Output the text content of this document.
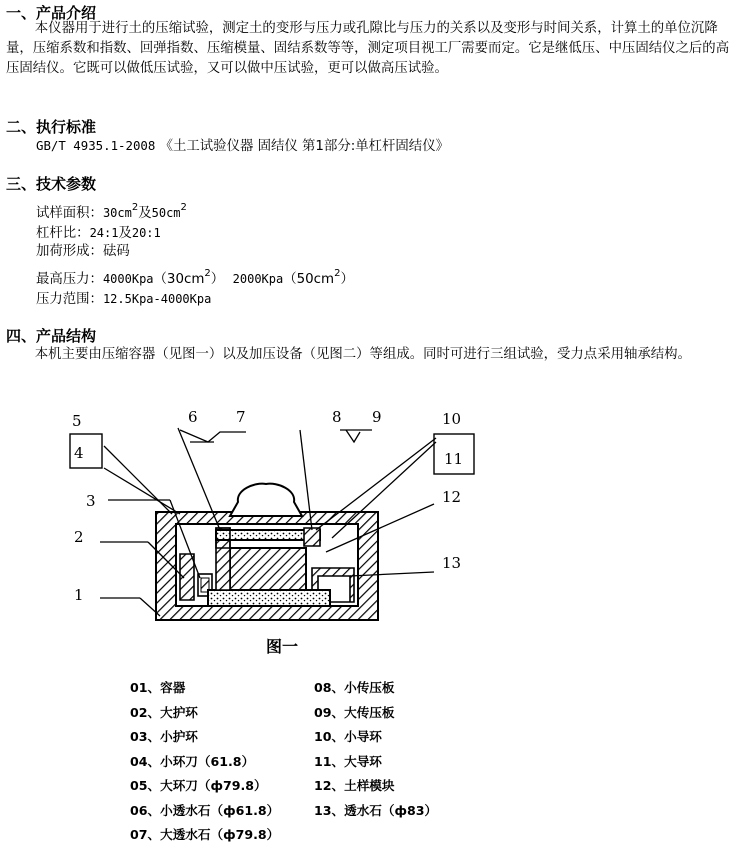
一、产品介绍
本仪器用于进行土的压缩试验，测定土的变形与压力或孔隙比与压力的关系以及变形与时间关系，计算土的单位沉降量，压缩系数和指数、回弹指数、压缩模量、固结系数等等，测定项目视工厂需要而定。它是继低压、中压固结仪之后的高压固结仪。它既可以做低压试验，又可以做中压试验，更可以做高压试验。
二、执行标准
GB/T 4935.1-2008 《土工试验仪器 固结仪 第1部分:单杠杆固结仪》
三、技术参数
试样面积：$30cm^2$及$50cm^2$
杠杆比：24:1及20:1
加荷形成：砝码
最高压力：$4000Kpa(30cm^2)$ $2000Kpa(50cm^2)$
压力范围：12.5Kpa-4000Kpa
四、产品结构
本机主要由压缩容器（见图一）以及加压设备（见图二）等组成。同时可进行三组试验，受力点采用轴承结构。
5
4
3
2
1
6	7	8 9	10
11
12
13
图一
01、容器
02、大护环
03、小护环
04、小环刀（61.8）
05、大环刀（ф79.8）
06、小透水石（ф61.8）
07、大透水石（ф79.8）
08、小传压板
09、大传压板
10、小导环
11、大导环
12、土样模块
13、透水石（ф83）
